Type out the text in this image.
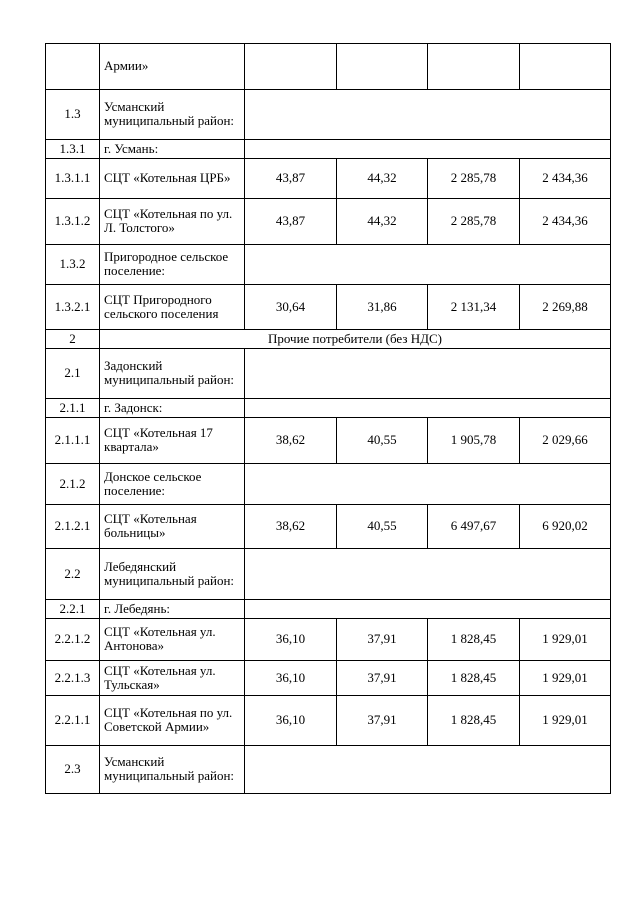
	Армии»				
1.3	Усманский муниципальный район:				
1.3.1	г. Усмань:				
1.3.1.1	СЦТ «Котельная ЦРБ»	43,87	44,32	2 285,78	2 434,36
1.3.1.2	СЦТ «Котельная по ул. Л. Толстого»	43,87	44,32	2 285,78	2 434,36
1.3.2	Пригородное сельское поселение:				
1.3.2.1	СЦТ Пригородного сельского поселения	30,64	31,86	2 131,34	2 269,88
2	Прочие потребители (без НДС)				
2.1	Задонский муниципальный район:				
2.1.1	г. Задонск:				
2.1.1.1	СЦТ «Котельная 17 квартала»	38,62	40,55	1 905,78	2 029,66
2.1.2	Донское сельское поселение:				
2.1.2.1	СЦТ «Котельная больницы»	38,62	40,55	6 497,67	6 920,02
2.2	Лебедянский муниципальный район:				
2.2.1	г. Лебедянь:				
2.2.1.2	СЦТ «Котельная ул. Антонова»	36,10	37,91	1 828,45	1 929,01
2.2.1.3	СЦТ «Котельная ул. Тульская»	36,10	37,91	1 828,45	1 929,01
2.2.1.1	СЦТ «Котельная по ул. Советской Армии»	36,10	37,91	1 828,45	1 929,01
2.3	Усманский муниципальный район:				
